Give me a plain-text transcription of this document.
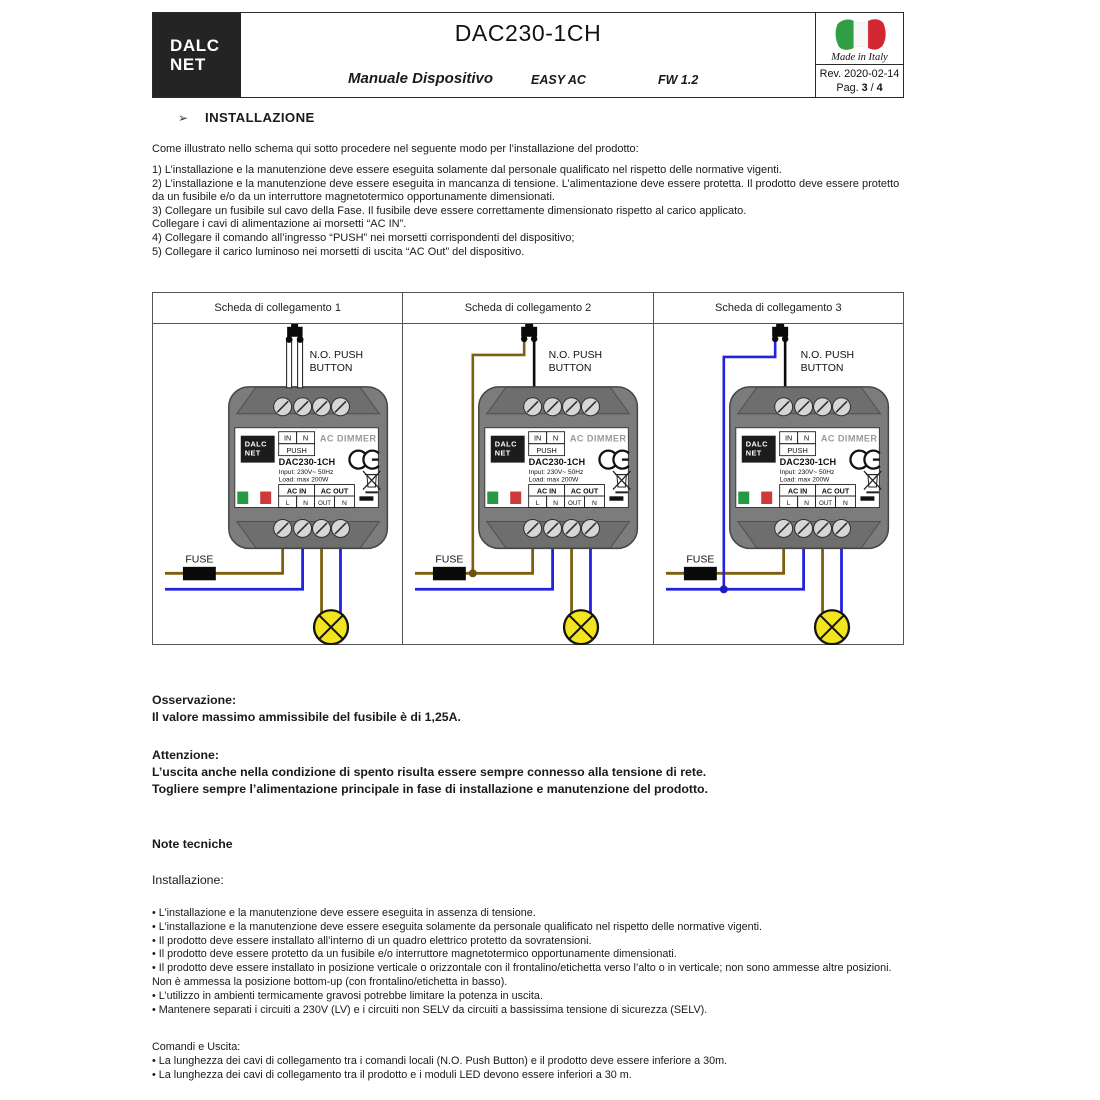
DALC
NET
DAC230-1CH
Manuale Dispositivo	EASY AC	FW 1.2
Made in Italy
Rev. 2020-02-14
Pag. 3 / 4
➢ INSTALLAZIONE
Come illustrato nello schema qui sotto procedere nel seguente modo per l’installazione del prodotto:
1) L’installazione e la manutenzione deve essere eseguita solamente dal personale qualificato nel rispetto delle normative vigenti.
2) L’installazione e la manutenzione deve essere eseguita in mancanza di tensione. L’alimentazione deve essere protetta. Il prodotto deve essere protetto da un fusibile e/o da un interruttore magnetotermico opportunamente dimensionati.
3) Collegare un fusibile sul cavo della Fase. Il fusibile deve essere correttamente dimensionato rispetto al carico applicato.
Collegare i cavi di alimentazione ai morsetti “AC IN”.
4) Collegare il comando all’ingresso “PUSH” nei morsetti corrispondenti del dispositivo;
5) Collegare il carico luminoso nei morsetti di uscita “AC Out” del dispositivo.
Scheda di collegamento 1	Scheda di collegamento 2	Scheda di collegamento 3
FUSE
N.O. PUSH
BUTTON
FUSE
N.O. PUSH
BUTTON
FUSE
N.O. PUSH
BUTTON
Osservazione:
Il valore massimo ammissibile del fusibile è di 1,25A.
Attenzione:
L’uscita anche nella condizione di spento risulta essere sempre connesso alla tensione di rete.
Togliere sempre l’alimentazione principale in fase di installazione e manutenzione del prodotto.
Note tecniche
Installazione:
• L’installazione e la manutenzione deve essere eseguita in assenza di tensione.
• L’installazione e la manutenzione deve essere eseguita solamente da personale qualificato nel rispetto delle normative vigenti.
• Il prodotto deve essere installato all’interno di un quadro elettrico protetto da sovratensioni.
• Il prodotto deve essere protetto da un fusibile e/o interruttore magnetotermico opportunamente dimensionati.
• Il prodotto deve essere installato in posizione verticale o orizzontale con il frontalino/etichetta verso l’alto o in verticale; non sono ammesse altre posizioni. Non è ammessa la posizione bottom-up (con frontalino/etichetta in basso).
• L’utilizzo in ambienti termicamente gravosi potrebbe limitare la potenza in uscita.
• Mantenere separati i circuiti a 230V (LV) e i circuiti non SELV da circuiti a bassissima tensione di sicurezza (SELV).
Comandi e Uscita:
• La lunghezza dei cavi di collegamento tra i comandi locali (N.O. Push Button) e il prodotto deve essere inferiore a 30m.
• La lunghezza dei cavi di collegamento tra il prodotto e i moduli LED devono essere inferiori a 30 m.
